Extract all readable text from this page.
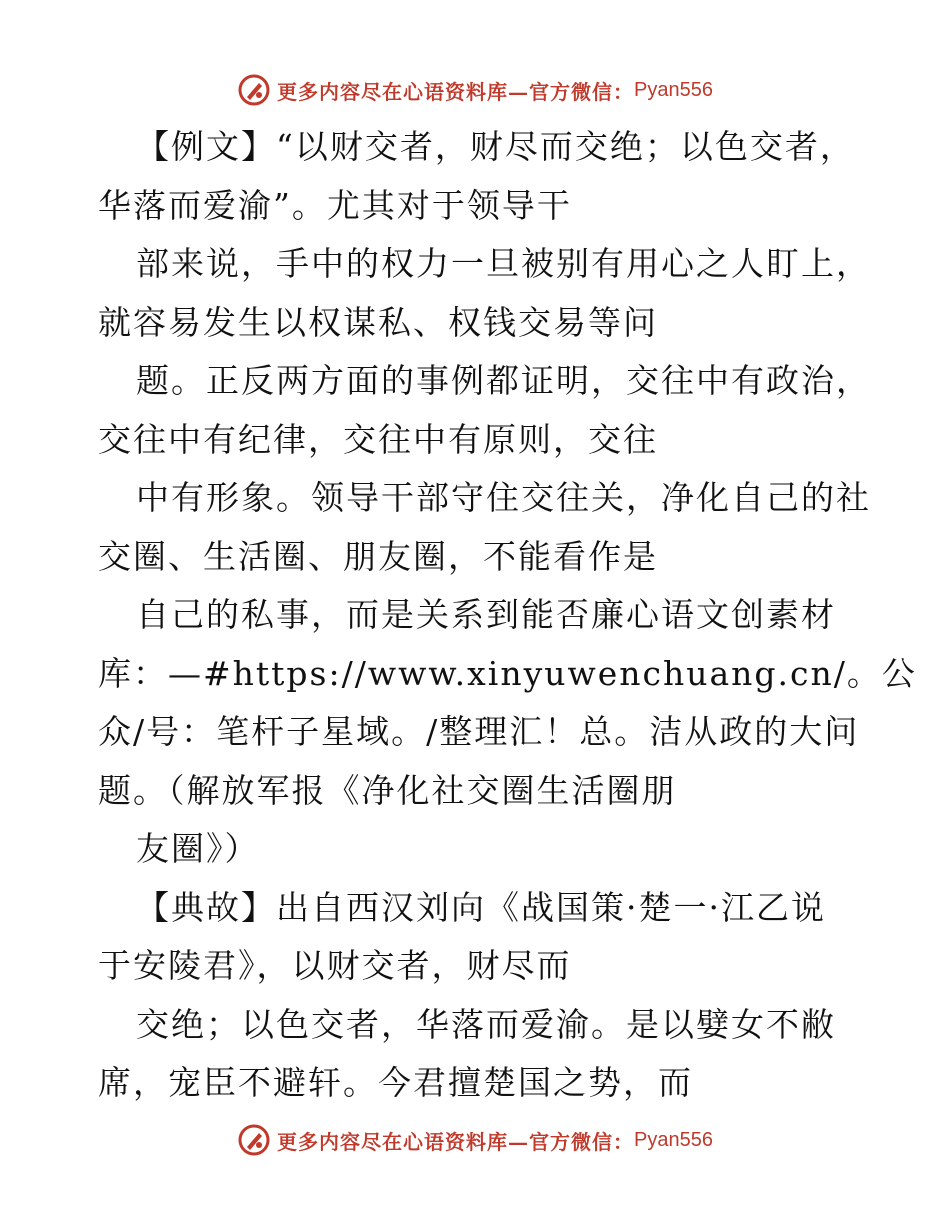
更多内容尽在心语资料库—官方微信： Pyan556
【例文】“以财交者，财尽而交绝；以色交者，
华落而爱渝”。尤其对于领导干
部来说，手中的权力一旦被别有用心之人盯上，
就容易发生以权谋私、权钱交易等问
题。正反两方面的事例都证明，交往中有政治，
交往中有纪律，交往中有原则，交往
中有形象。领导干部守住交往关，净化自己的社
交圈、生活圈、朋友圈，不能看作是
自己的私事，而是关系到能否廉心语文创素材
库：—#https://www.xinyuwenchuang.cn/。公
众/号：笔杆子星域。/整理汇！总。洁从政的大问
题。（解放军报《净化社交圈生活圈朋
友圈》）
【典故】出自西汉刘向《战国策·楚一·江乙说
于安陵君》，以财交者，财尽而
交绝；以色交者，华落而爱渝。是以嬖女不敝
席，宠臣不避轩。今君擅楚国之势，而
更多内容尽在心语资料库—官方微信： Pyan556
